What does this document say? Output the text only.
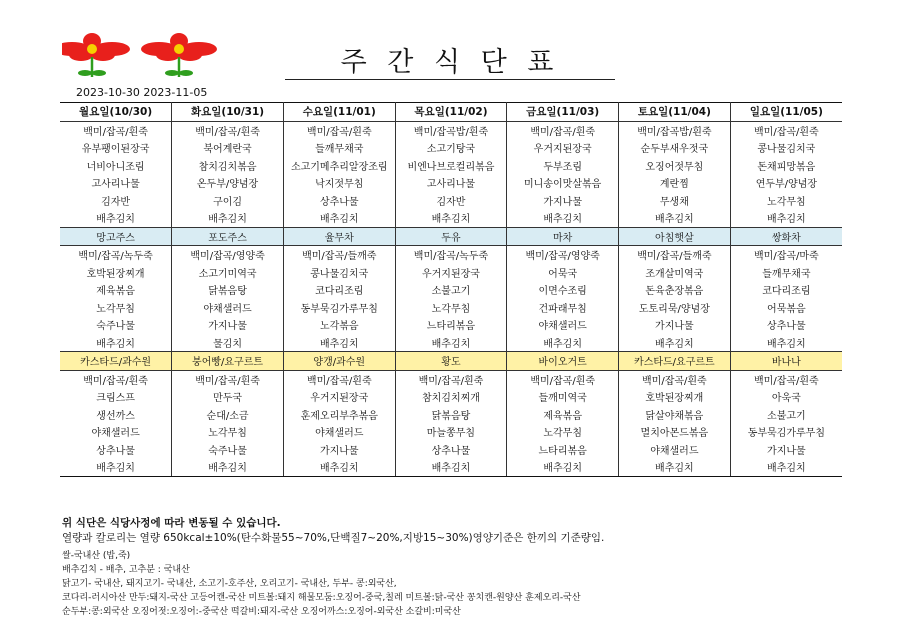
주 간 식 단 표
2023-10-30 2023-11-05
월요일(10/30)	화요일(10/31)	수요일(11/01)	목요일(11/02)	금요일(11/03)	토요일(11/04)	일요일(11/05)
백미/잡곡/흰죽	백미/잡곡/흰죽	백미/잡곡/흰죽	백미/잡곡밥/흰죽	백미/잡곡/흰죽	백미/잡곡밥/흰죽	백미/잡곡/흰죽
유부팽이된장국	북어계란국	들깨무채국	소고기탕국	우거지된장국	순두부새우젓국	콩나물김치국
너비아니조림	참치김치볶음	소고기메추리알장조림	비엔나브로컬리볶음	두부조림	오징어젓무침	돈채피망볶음
고사리나물	온두부/양념장	낙지젓무침	고사리나물	미니송이맛살볶음	계란찜	연두부/양념장
김자반	구이김	상추나물	김자반	가지나물	무생채	노각무침
배추김치	배추김치	배추김치	배추김치	배추김치	배추김치	배추김치
망고주스	포도주스	율무차	두유	마차	아침햇살	쌍화차
백미/잡곡/녹두죽	백미/잡곡/영양죽	백미/잡곡/들깨죽	백미/잡곡/녹두죽	백미/잡곡/영양죽	백미/잡곡/들깨죽	백미/잡곡/마죽
호박된장찌개	소고기미역국	콩나물김치국	우거지된장국	어묵국	조개살미역국	들깨무채국
제육볶음	닭볶음탕	코다리조림	소불고기	이면수조림	돈육춘장볶음	코다리조림
노각무침	야채샐러드	동부묵김가루무침	노각무침	건파래무침	도토리묵/양념장	어묵볶음
숙주나물	가지나물	노각볶음	느타리볶음	야채샐러드	가지나물	상추나물
배추김치	물김치	배추김치	배추김치	배추김치	배추김치	배추김치
카스타드/과수원	붕어빵/요구르트	양갱/과수원	황도	바이오거트	카스타드/요구르트	바나나
백미/잡곡/흰죽	백미/잡곡/흰죽	백미/잡곡/흰죽	백미/잡곡/흰죽	백미/잡곡/흰죽	백미/잡곡/흰죽	백미/잡곡/흰죽
크림스프	만두국	우거지된장국	참치김치찌개	들깨미역국	호박된장찌개	아욱국
생선까스	순대/소금	훈제오리부추볶음	닭볶음탕	제육볶음	닭살야채볶음	소불고기
야채샐러드	노각무침	야채샐러드	마늘쫑무침	노각무침	멸치아몬드볶음	동부묵김가루무침
상추나물	숙주나물	가지나물	상추나물	느타리볶음	야채샐러드	가지나물
배추김치	배추김치	배추김치	배추김치	배추김치	배추김치	배추김치
위 식단은 식당사정에 따라 변동될 수 있습니다.
열량과 칼로리는 열량 650kcal±10%(탄수화물55~70%,단백질7~20%,지방15~30%)영양기준은 한끼의 기준량임.
쌀-국내산 (밥,죽)
배추김치 - 배추, 고추분 : 국내산
닭고기- 국내산, 돼지고기- 국내산, 소고기-호주산, 오리고기- 국내산, 두부- 콩:외국산,
코다리-러시아산 만두:돼지-국산 고등어캔-국산 미트볼:돼지 해물모둠:오징어-중국,칠레 미트볼:닭-국산 꽁치캔-원양산 훈제오리-국산
순두부:콩:외국산 오징어젓:오징어:-중국산 떡갈비:돼지-국산 오징어까스:오징어-외국산 소갈비:미국산
